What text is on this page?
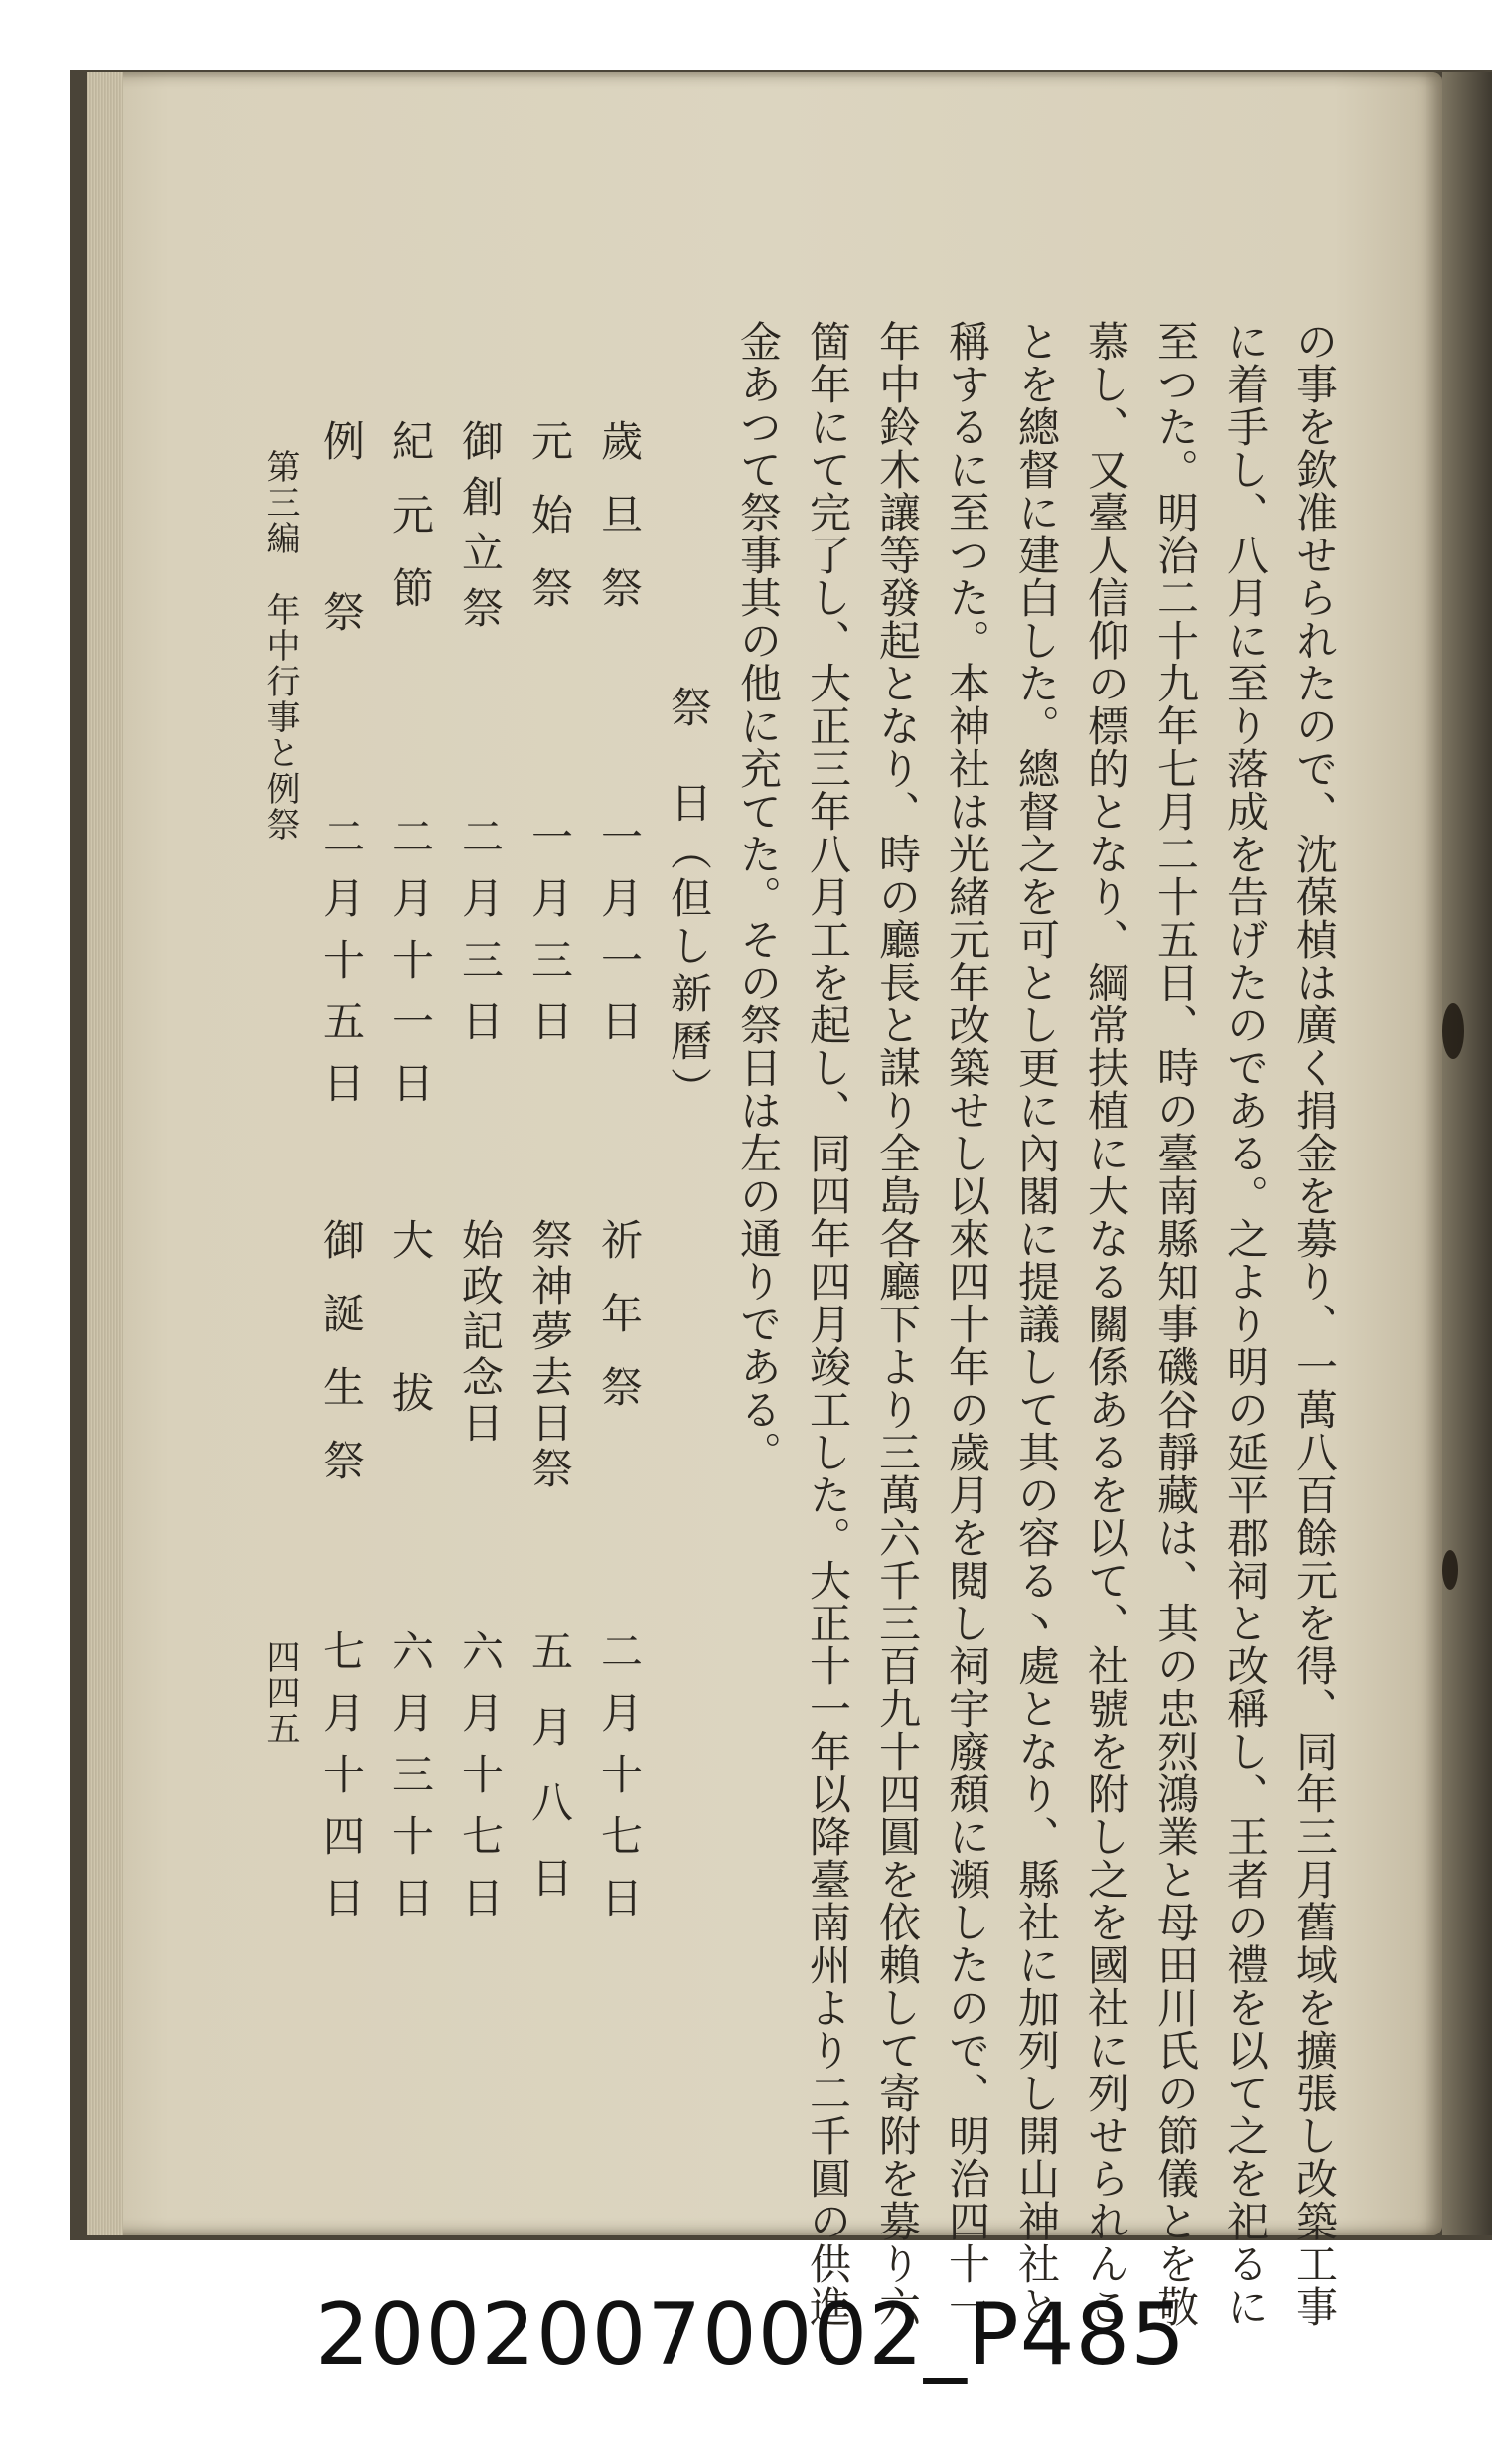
の事を欽准せられたので、沈葆楨は廣く捐金を募り、一萬八百餘元を得、同年三月舊域を擴張し改築工事
に着手し、八月に至り落成を告げたのである。之より明の延平郡祠と改稱し、王者の禮を以て之を祀るに
至つた。明治二十九年七月二十五日、時の臺南縣知事磯谷靜藏は、其の忠烈鴻業と母田川氏の節儀とを敬
慕し、又臺人信仰の標的となり、綱常扶植に大なる關係あるを以て、社號を附し之を國社に列せられんこ
とを總督に建白した。總督之を可とし更に內閣に提議して其の容る丶處となり、縣社に加列し開山神社と
稱するに至つた。本神社は光緒元年改築せし以來四十年の歲月を閱し祠宇廢頹に瀕したので、明治四十一
年中鈴木讓等發起となり、時の廳長と謀り全島各廳下より三萬六千三百九十四圓を依賴して寄附を募り六
箇年にて完了し、大正三年八月工を起し、同四年四月竣工した。大正十一年以降臺南州より二千圓の供進
金あつて祭事其の他に充てた。その祭日は左の通りである。
祭　日（但し新曆）
歲旦祭
一月一日
祈年祭
二月十七日
元始祭
一月三日
祭神夢去日祭
五月八日
御創立祭
二月三日
始政記念日
六月十七日
紀元節
二月十一日
大拔
六月三十日
例祭
二月十五日
御誕生祭
七月十四日
第三編　年中行事と例祭
四四五
20020070002_P485
